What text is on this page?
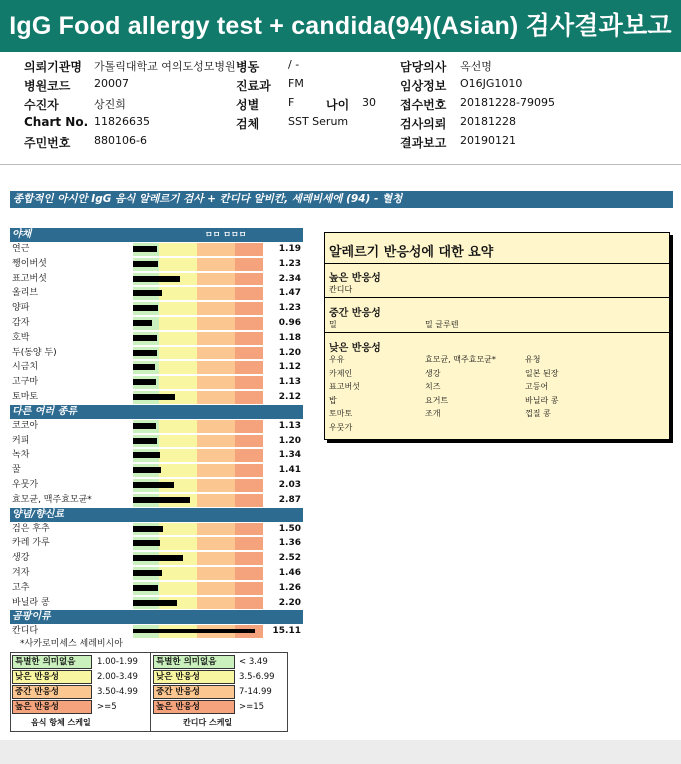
IgG Food allergy test + candida(94)(Asian) 검사결과보고서
의뢰기관명 가톨릭대학교 여의도성모병원 병동	/ -	담당의사 옥선명
병원코드 20007	진료과 FM	임상정보 O16JG1010
수진자	상진희	성별	F	나이 30 접수번호 20181228-79095
Chart No. 11826635	검체	SST Serum	검사의뢰 20181228
주민번호 880106-6	결과보고 20190121
종합적인 아시안 IgG 음식 알레르기 검사 + 칸디다 알비칸, 세레비세에 (94) - 혈청
야채	ㅁㅁ ㅁㅁㅁ
연근	1.19
쨍이버섯	1.23
표고버섯	2.34
올리브	1.47
양파	1.23
감자	0.96
호박	1.18
두(동양 두)	1.20
시금치	1.12
고구마	1.13
토마토	2.12
다른 여러 종류
코코아	1.13
커피	1.20
녹차	1.34
꿀	1.41
우뭇가	2.03
효모균, 맥주효모균*	2.87
양념/향신료
검은 후추	1.50
카레 가루	1.36
생강	2.52
겨자	1.46
고추	1.26
바닐라 콩	2.20
곰팡이류
칸디다	15.11
*사카로미세스 세레비시아
특별한 의미없음	1.00-1.99
낮은 반응성	2.00-3.49
중간 반응성	3.50-4.99
높은 반응성	>=5
특별한 의미없음	< 3.49
낮은 반응성	3.5-6.99
중간 반응성	7-14.99
높은 반응성	>=15
음식 항체 스케일	칸디다 스케일
알레르기 반응성에 대한 요약
높은 반응성
칸디다
중간 반응성
밀	밀 글루텐
낮은 반응성
우유	효모균, 맥주효모균*	유청
카제인	생강	일본 된장
표고버섯	치즈	고등어
밥	요거트	바닐라 콩
토마토	조개	껍질 콩
우뭇가
